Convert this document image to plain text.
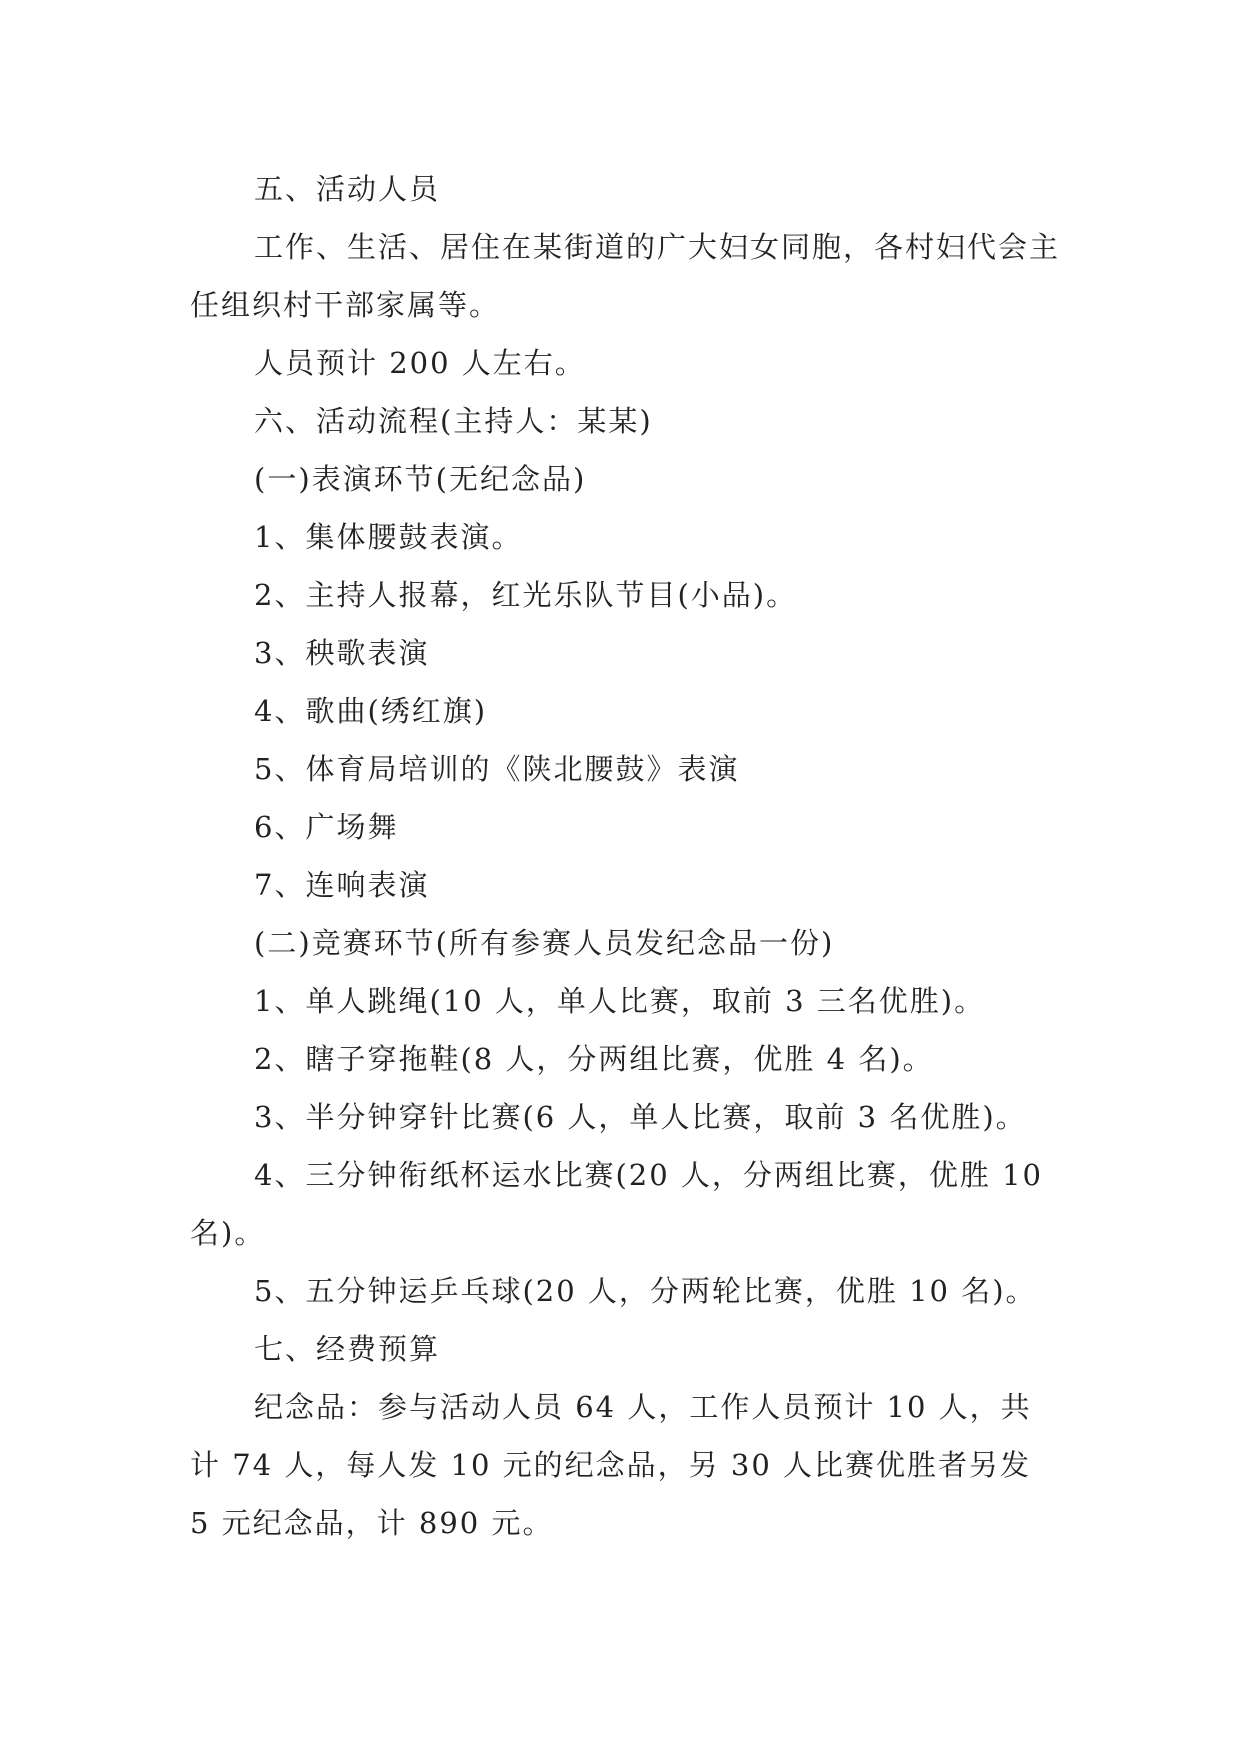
五、活动人员

工作、生活、居住在某街道的广大妇女同胞，各村妇代会主任组织村干部家属等。

人员预计 200 人左右。

六、活动流程(主持人：某某)

(一)表演环节(无纪念品)

1、集体腰鼓表演。

2、主持人报幕，红光乐队节目(小品)。

3、秧歌表演

4、歌曲(绣红旗)

5、体育局培训的《陕北腰鼓》表演

6、广场舞

7、连响表演

(二)竞赛环节(所有参赛人员发纪念品一份)

1、单人跳绳(10 人，单人比赛，取前 3 三名优胜)。

2、瞎子穿拖鞋(8 人，分两组比赛，优胜 4 名)。

3、半分钟穿针比赛(6 人，单人比赛，取前 3 名优胜)。

4、三分钟衔纸杯运水比赛(20 人，分两组比赛，优胜 10 名)。

5、五分钟运乒乓球(20 人，分两轮比赛，优胜 10 名)。

七、经费预算

纪念品：参与活动人员 64 人，工作人员预计 10 人，共计 74 人，每人发 10 元的纪念品，另 30 人比赛优胜者另发 5 元纪念品，计 890 元。
